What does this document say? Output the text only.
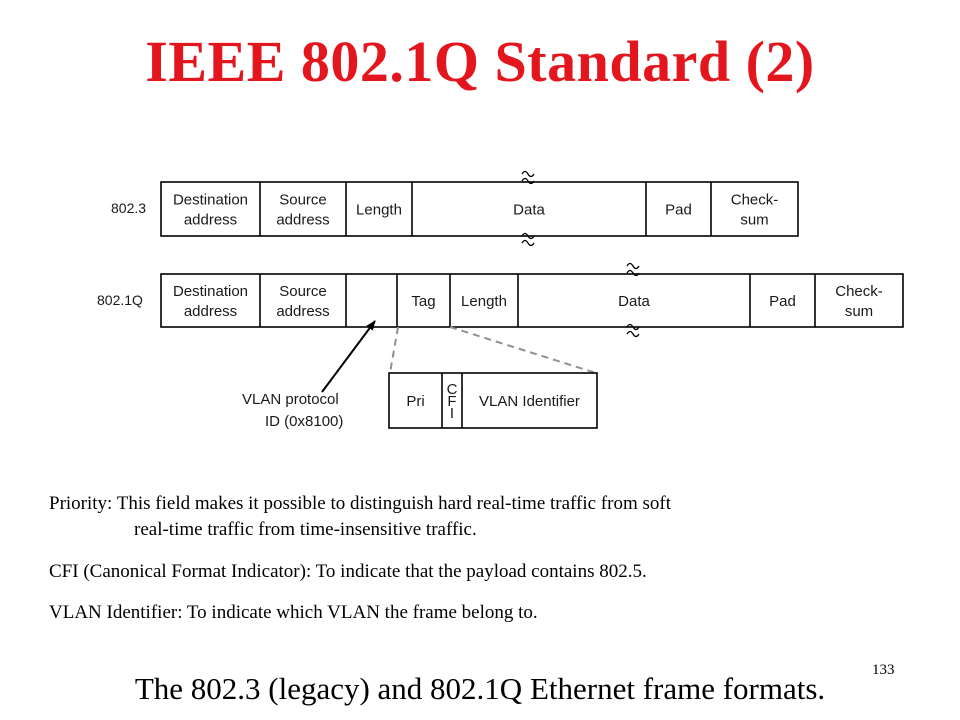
IEEE 802.1Q Standard (2)
802.3 Destination
address
Source
address
Length	Data	Pad
Check-
sum
802.1Q
Destination
address
Source
address
Tag Length	Data	Pad
Check-
sum
Pri
C
F
I
VLAN Identifier
VLAN protocol
ID (0x8100)
Priority: This field makes it possible to distinguish hard real-time traffic from soft
real-time traffic from time-insensitive traffic.
CFI (Canonical Format Indicator): To indicate that the payload contains 802.5.
VLAN Identifier: To indicate which VLAN the frame belong to.
The 802.3 (legacy) and 802.1Q Ethernet frame formats.
133
